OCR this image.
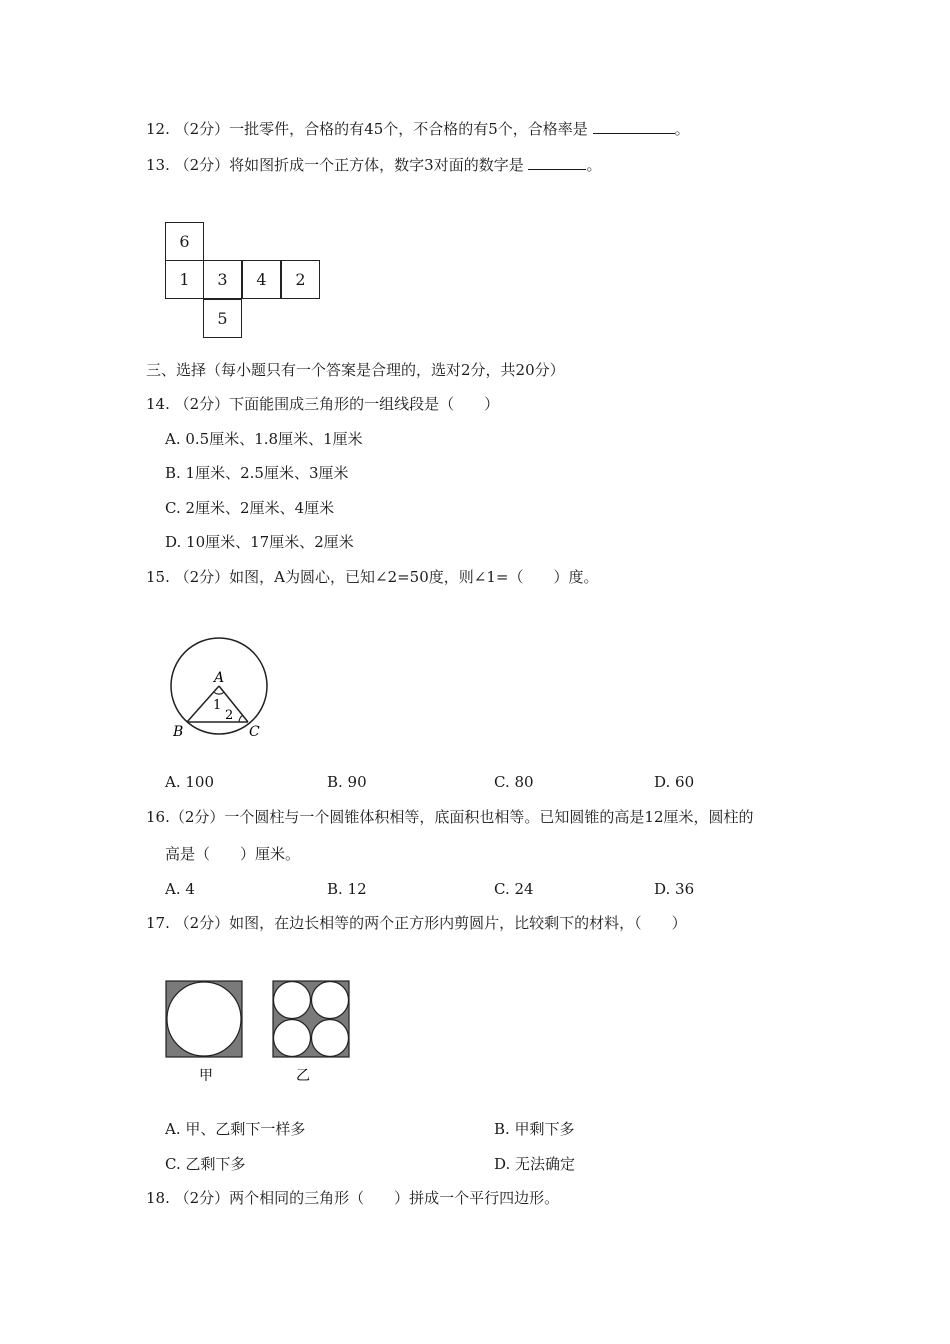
12. （2分）一批零件，合格的有45个，不合格的有5个，合格率是	。
13. （2分）将如图折成一个正方体，数字3对面的数字是	。
6
1	3	4	2
5
三、选择（每小题只有一个答案是合理的，选对2分，共20分）
14. （2分）下面能围成三角形的一组线段是（　　）
A. 0.5厘米、1.8厘米、1厘米
B. 1厘米、2.5厘米、3厘米
C. 2厘米、2厘米、4厘米
D. 10厘米、17厘米、2厘米
15. （2分）如图，A为圆心，已知∠2=50度，则∠1=（　　）度。
A
B	C
1
2
A. 100	B. 90	C. 80	D. 60
16.（2分）一个圆柱与一个圆锥体积相等，底面积也相等。已知圆锥的高是12厘米，圆柱的
高是（　　）厘米。
A. 4	B. 12	C. 24	D. 36
17. （2分）如图，在边长相等的两个正方形内剪圆片，比较剩下的材料，（　　）
甲	乙
A. 甲、乙剩下一样多	B. 甲剩下多
C. 乙剩下多	D. 无法确定
18. （2分）两个相同的三角形（　　）拼成一个平行四边形。
